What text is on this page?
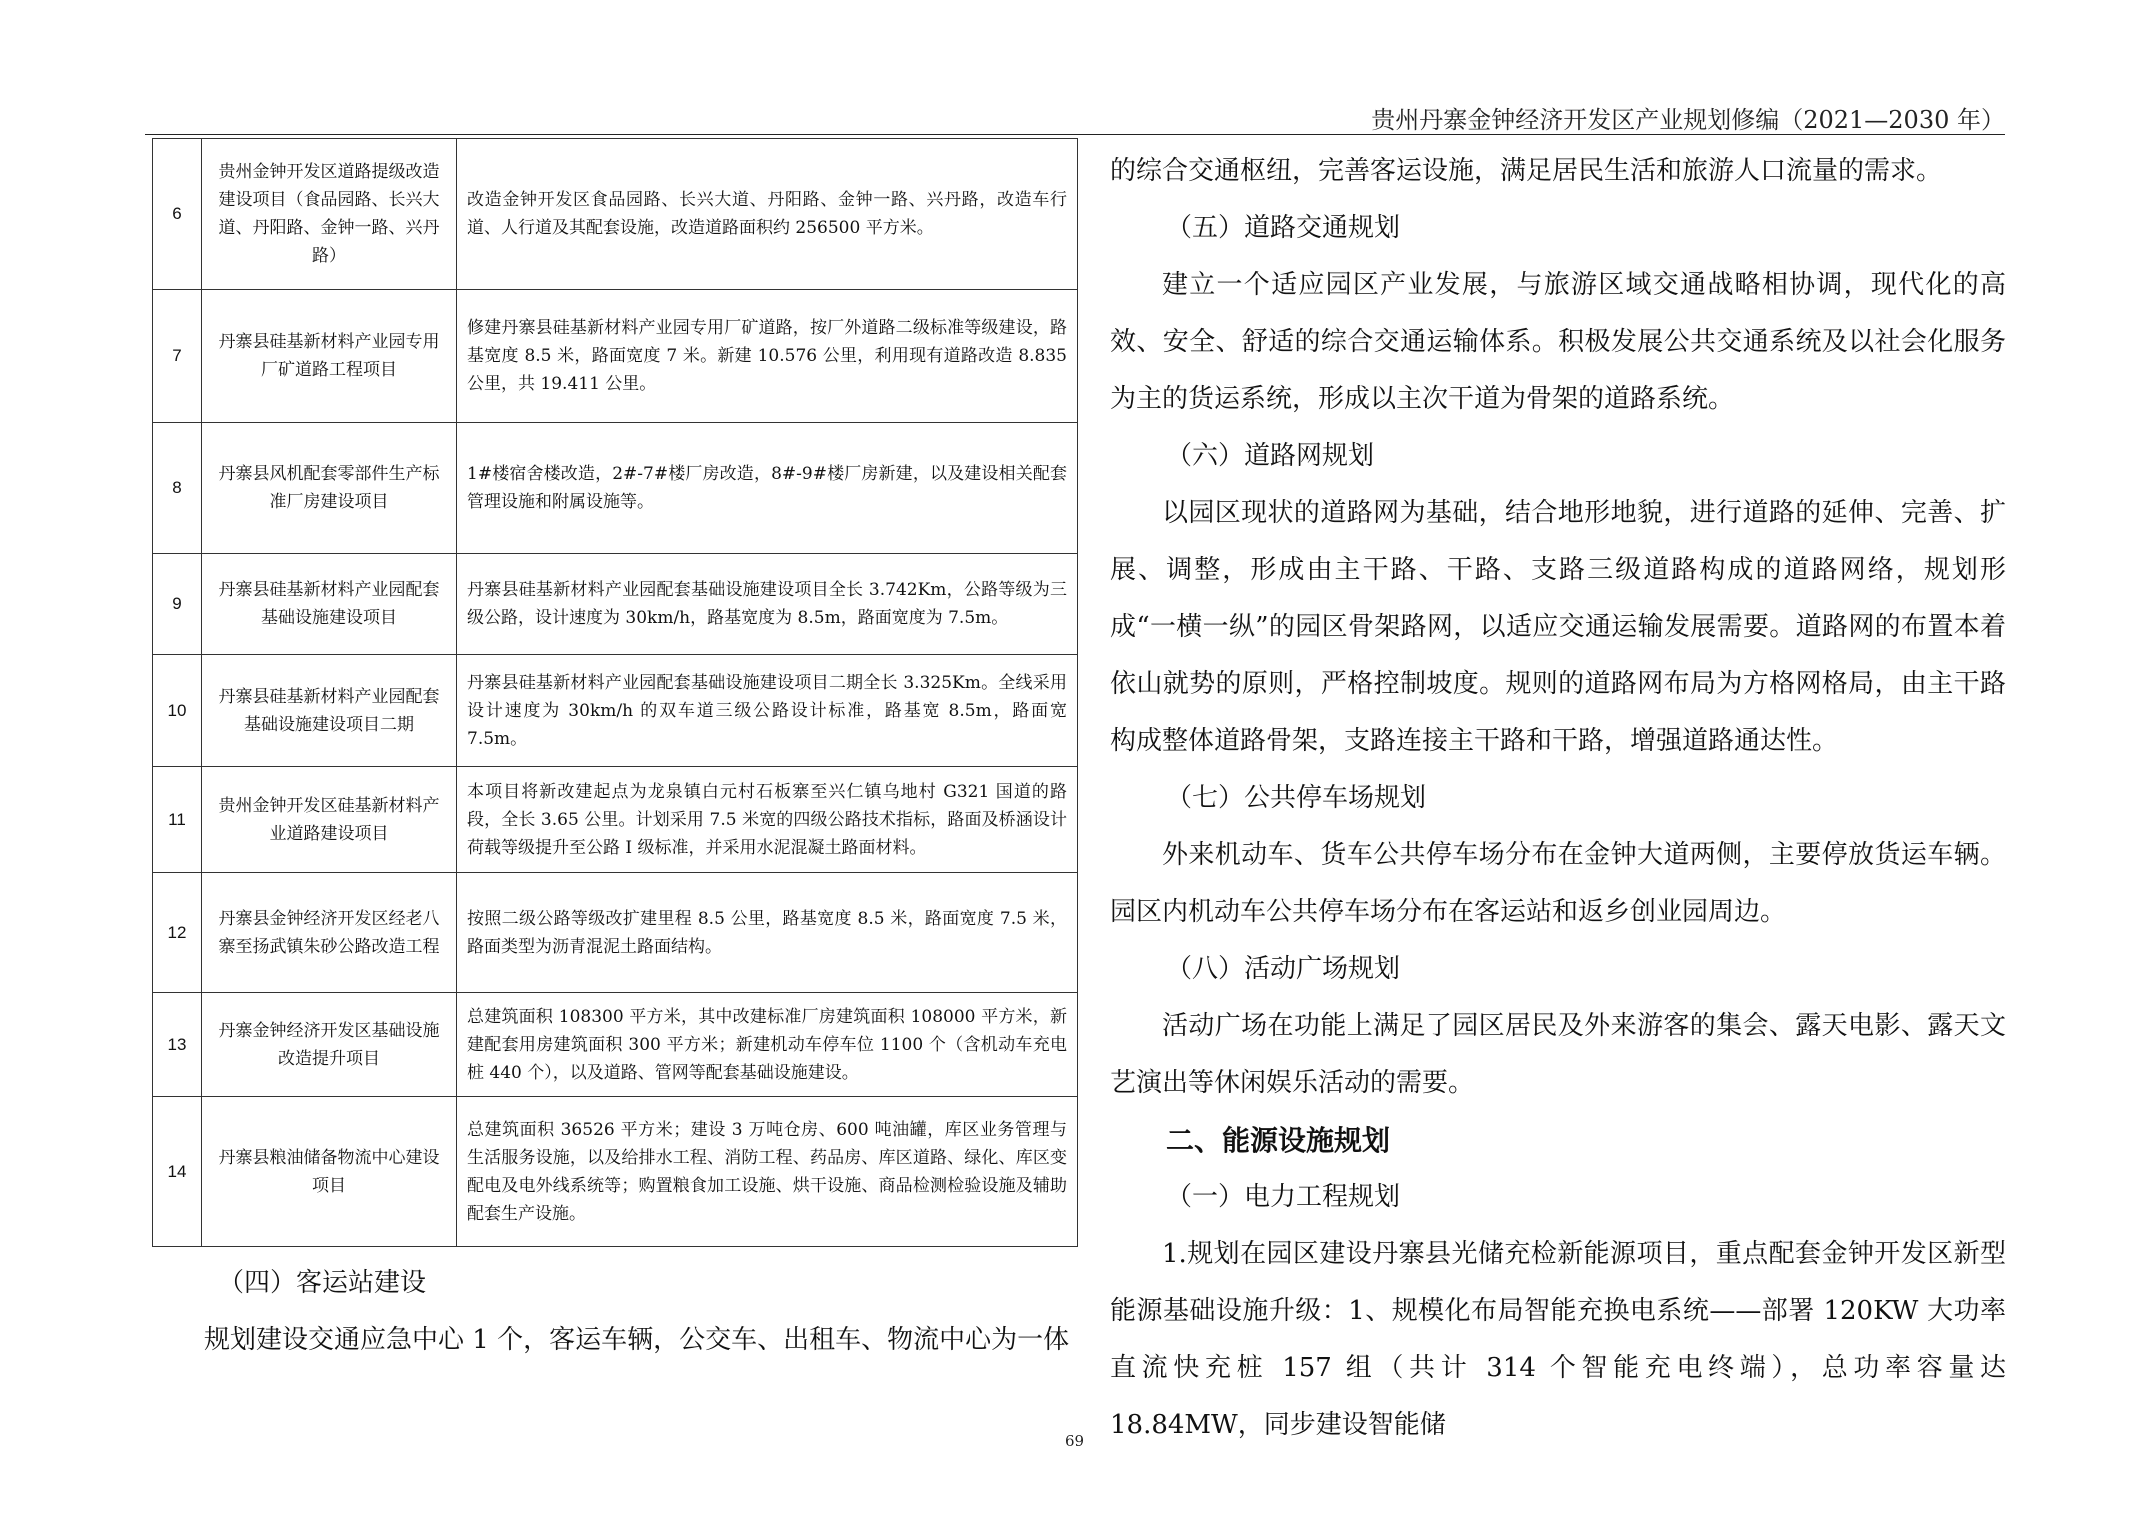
贵州丹寨金钟经济开发区产业规划修编（2021—2030 年）
6	贵州金钟开发区道路提级改造建设项目（食品园路、长兴大道、丹阳路、金钟一路、兴丹路）	改造金钟开发区食品园路、长兴大道、丹阳路、金钟一路、兴丹路，改造车行道、人行道及其配套设施，改造道路面积约 256500 平方米。
7	丹寨县硅基新材料产业园专用厂矿道路工程项目	修建丹寨县硅基新材料产业园专用厂矿道路，按厂外道路二级标准等级建设，路基宽度 8.5 米，路面宽度 7 米。新建 10.576 公里，利用现有道路改造 8.835 公里，共 19.411 公里。
8	丹寨县风机配套零部件生产标准厂房建设项目	1#楼宿舍楼改造，2#-7#楼厂房改造，8#-9#楼厂房新建，以及建设相关配套管理设施和附属设施等。
9	丹寨县硅基新材料产业园配套基础设施建设项目	丹寨县硅基新材料产业园配套基础设施建设项目全长 3.742Km，公路等级为三级公路，设计速度为 30km/h，路基宽度为 8.5m，路面宽度为 7.5m。
10	丹寨县硅基新材料产业园配套基础设施建设项目二期	丹寨县硅基新材料产业园配套基础设施建设项目二期全长 3.325Km。全线采用设计速度为 30km/h 的双车道三级公路设计标准，路基宽 8.5m，路面宽 7.5m。
11	贵州金钟开发区硅基新材料产业道路建设项目	本项目将新改建起点为龙泉镇白元村石板寨至兴仁镇乌地村 G321 国道的路段，全长 3.65 公里。计划采用 7.5 米宽的四级公路技术指标，路面及桥涵设计荷载等级提升至公路 I 级标准，并采用水泥混凝土路面材料。
12	丹寨县金钟经济开发区经老八寨至扬武镇朱砂公路改造工程	按照二级公路等级改扩建里程 8.5 公里，路基宽度 8.5 米，路面宽度 7.5 米，路面类型为沥青混泥土路面结构。
13	丹寨金钟经济开发区基础设施改造提升项目	总建筑面积 108300 平方米，其中改建标准厂房建筑面积 108000 平方米，新建配套用房建筑面积 300 平方米；新建机动车停车位 1100 个（含机动车充电桩 440 个），以及道路、管网等配套基础设施建设。
14	丹寨县粮油储备物流中心建设项目	总建筑面积 36526 平方米；建设 3 万吨仓房、600 吨油罐，库区业务管理与生活服务设施，以及给排水工程、消防工程、药品房、库区道路、绿化、库区变配电及电外线系统等；购置粮食加工设施、烘干设施、商品检测检验设施及辅助配套生产设施。

（四）客运站建设

规划建设交通应急中心 1 个，客运车辆，公交车、出租车、物流中心为一体

的综合交通枢纽，完善客运设施，满足居民生活和旅游人口流量的需求。

（五）道路交通规划

建立一个适应园区产业发展，与旅游区域交通战略相协调，现代化的高效、安全、舒适的综合交通运输体系。积极发展公共交通系统及以社会化服务为主的货运系统，形成以主次干道为骨架的道路系统。

（六）道路网规划

以园区现状的道路网为基础，结合地形地貌，进行道路的延伸、完善、扩展、调整，形成由主干路、干路、支路三级道路构成的道路网络，规划形成“一横一纵”的园区骨架路网，以适应交通运输发展需要。道路网的布置本着依山就势的原则，严格控制坡度。规则的道路网布局为方格网格局，由主干路构成整体道路骨架，支路连接主干路和干路，增强道路通达性。

（七）公共停车场规划

外来机动车、货车公共停车场分布在金钟大道两侧，主要停放货运车辆。园区内机动车公共停车场分布在客运站和返乡创业园周边。

（八）活动广场规划

活动广场在功能上满足了园区居民及外来游客的集会、露天电影、露天文艺演出等休闲娱乐活动的需要。

二、能源设施规划

（一）电力工程规划

1.规划在园区建设丹寨县光储充检新能源项目，重点配套金钟开发区新型能源基础设施升级：1、规模化布局智能充换电系统——部署 120KW 大功率直流快充桩 157 组（共计 314 个智能充电终端），总功率容量达 18.84MW，同步建设智能储

69
